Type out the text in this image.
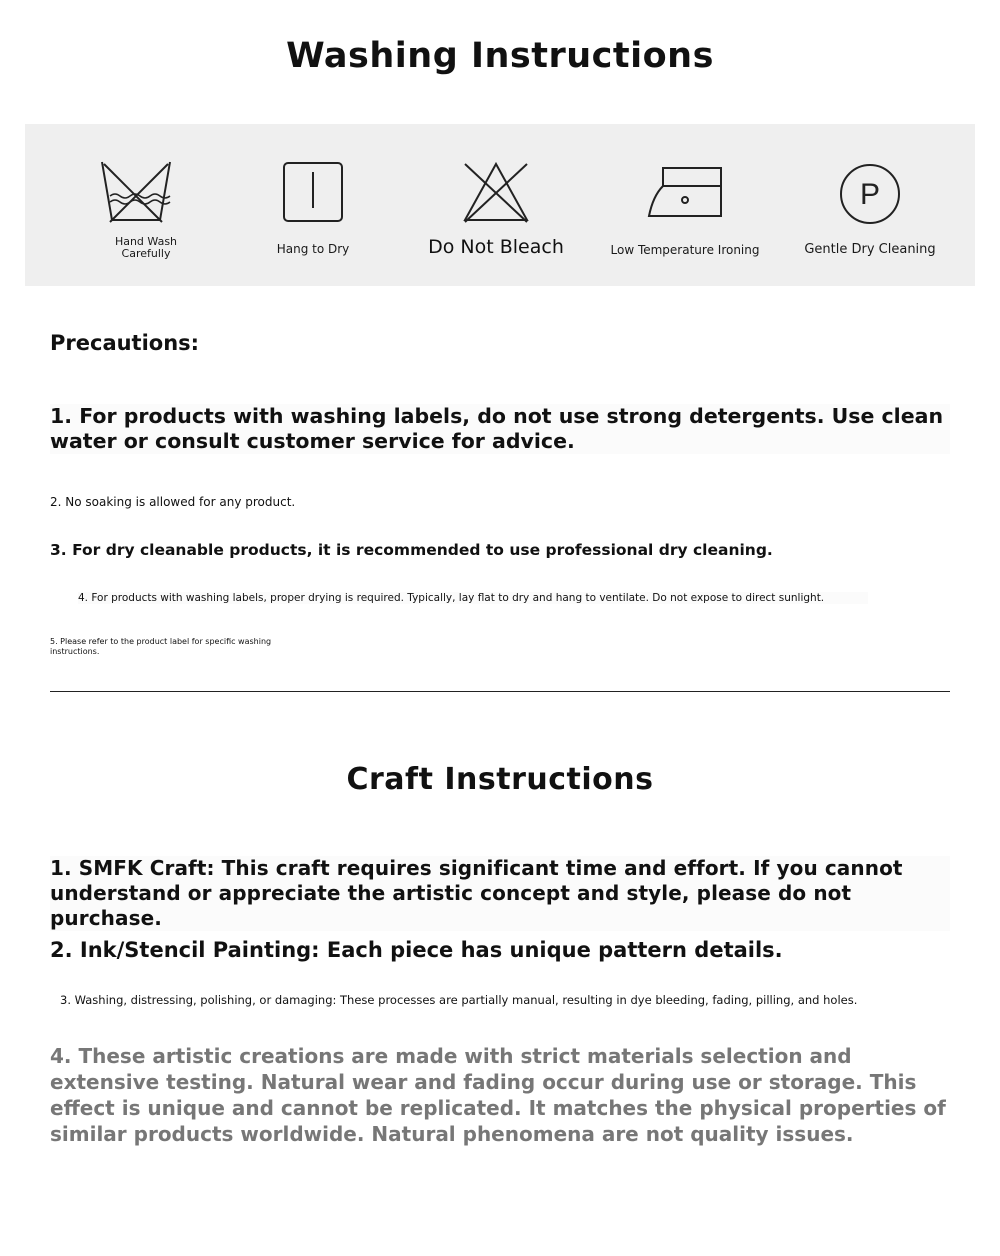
Washing Instructions
Hand Wash
Carefully	Hang to Dry	Do Not Bleach	Low Temperature Ironing
P
Gentle Dry Cleaning
Precautions:
1. For products with washing labels, do not use strong detergents. Use clean water or consult customer service for advice.
2. No soaking is allowed for any product.
3. For dry cleanable products, it is recommended to use professional dry cleaning.
4. For products with washing labels, proper drying is required. Typically, lay flat to dry and hang to ventilate. Do not expose to direct sunlight.
5. Please refer to the product label for specific washing instructions.
Craft Instructions
1. SMFK Craft: This craft requires significant time and effort. If you cannot understand or appreciate the artistic concept and style, please do not purchase.
2. Ink/Stencil Painting: Each piece has unique pattern details.
3. Washing, distressing, polishing, or damaging: These processes are partially manual, resulting in dye bleeding, fading, pilling, and holes.
4. These artistic creations are made with strict materials selection and extensive testing. Natural wear and fading occur during use or storage. This effect is unique and cannot be replicated. It matches the physical properties of similar products worldwide. Natural phenomena are not quality issues.
